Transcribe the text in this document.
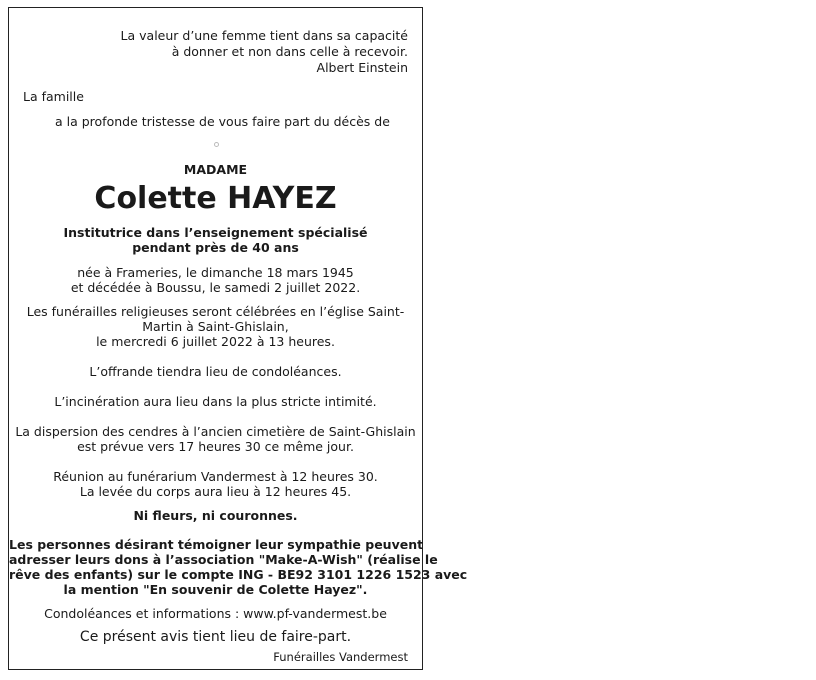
La valeur d’une femme tient dans sa capacité
à donner et non dans celle à recevoir.
Albert Einstein
La famille
a la profonde tristesse de vous faire part du décès de
MADAME
Colette HAYEZ
Institutrice dans l’enseignement spécialisé
pendant près de 40 ans
née à Frameries, le dimanche 18 mars 1945
et décédée à Boussu, le samedi 2 juillet 2022.
Les funérailles religieuses seront célébrées en l’église Saint-
Martin à Saint-Ghislain,
le mercredi 6 juillet 2022 à 13 heures.
L’offrande tiendra lieu de condoléances.
L’incinération aura lieu dans la plus stricte intimité.
La dispersion des cendres à l’ancien cimetière de Saint-Ghislain
est prévue vers 17 heures 30 ce même jour.
Réunion au funérarium Vandermest à 12 heures 30.
La levée du corps aura lieu à 12 heures 45.
Ni fleurs, ni couronnes.
Les personnes désirant témoigner leur sympathie peuvent
adresser leurs dons à l’association "Make-A-Wish" (réalise le
rêve des enfants) sur le compte ING - BE92 3101 1226 1523 avec
la mention "En souvenir de Colette Hayez".
Condoléances et informations : www.pf-vandermest.be
Ce présent avis tient lieu de faire-part.
Funérailles Vandermest
